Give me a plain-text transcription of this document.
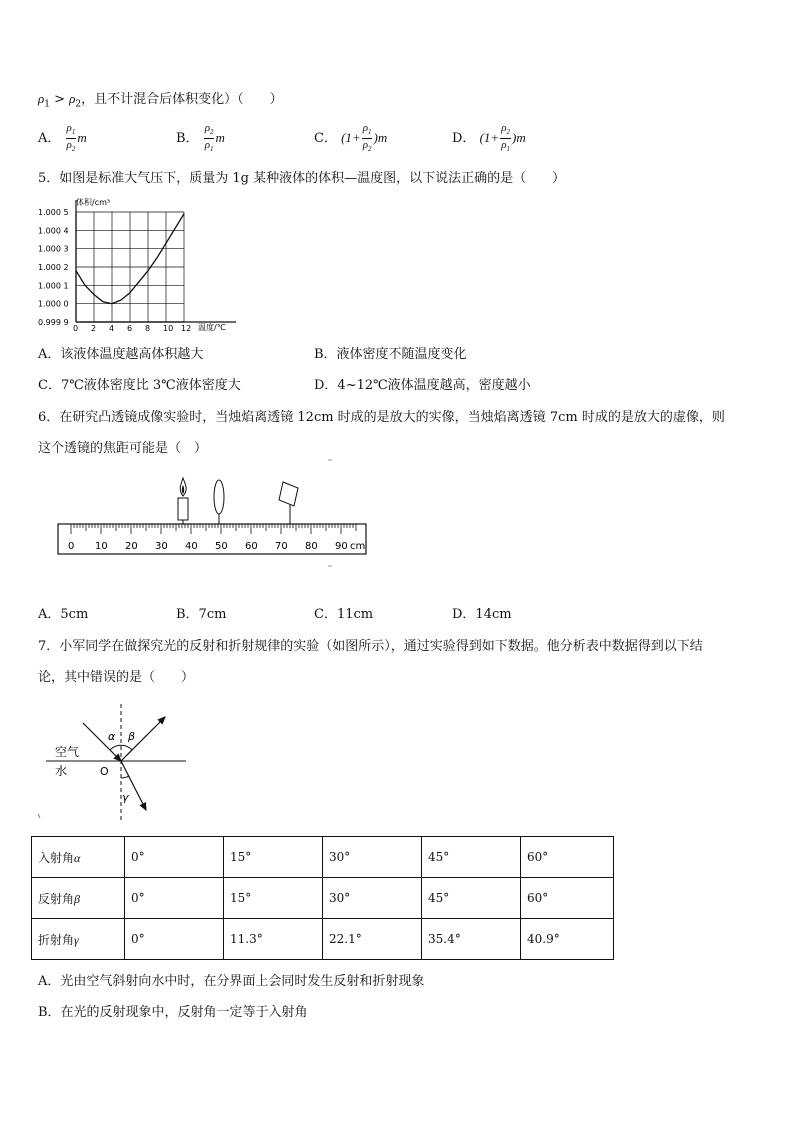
$\rho_1 > \rho_2$，且不计混合后体积变化）（　　）
A． $\frac{\rho_1}{\rho_2}$ m	B． $\frac{\rho_2}{\rho_1}$ m	C． $(1+ \frac{\rho_1}{\rho_2} )m$	D． $(1+ \frac{\rho_2}{\rho_1} )m$
5．如图是标准大气压下，质量为 1g 某种液体的体积—温度图，以下说法正确的是（　　）
体积/cm³
温度/℃
1.000 5
1.000 4
1.000 3
1.000 2
1.000 1
1.000 0
0.999 9
0 2 4 6 8 10 12
A．该液体温度越高体积越大	B．液体密度不随温度变化
C．7℃液体密度比 3℃液体密度大	D．4~12℃液体温度越高，密度越小
6．在研究凸透镜成像实验时，当烛焰离透镜 12cm 时成的是放大的实像，当烛焰离透镜 7cm 时成的是放大的虚像，则
这个透镜的焦距可能是（　）
0 10 20 30 40 50 60 70 80 90 cm
A．5cm	B．7cm	C．11cm	D．14cm
7．小军同学在做探究光的反射和折射规律的实验（如图所示），通过实验得到如下数据。他分析表中数据得到以下结
论，其中错误的是（　　）
α β
γ
空气
水	O
入射角α	0°	15°	30°	45°	60°
反射角β	0°	15°	30°	45°	60°
折射角γ	0°	11.3°	22.1°	35.4°	40.9°
A．光由空气斜射向水中时，在分界面上会同时发生反射和折射现象
B．在光的反射现象中，反射角一定等于入射角
